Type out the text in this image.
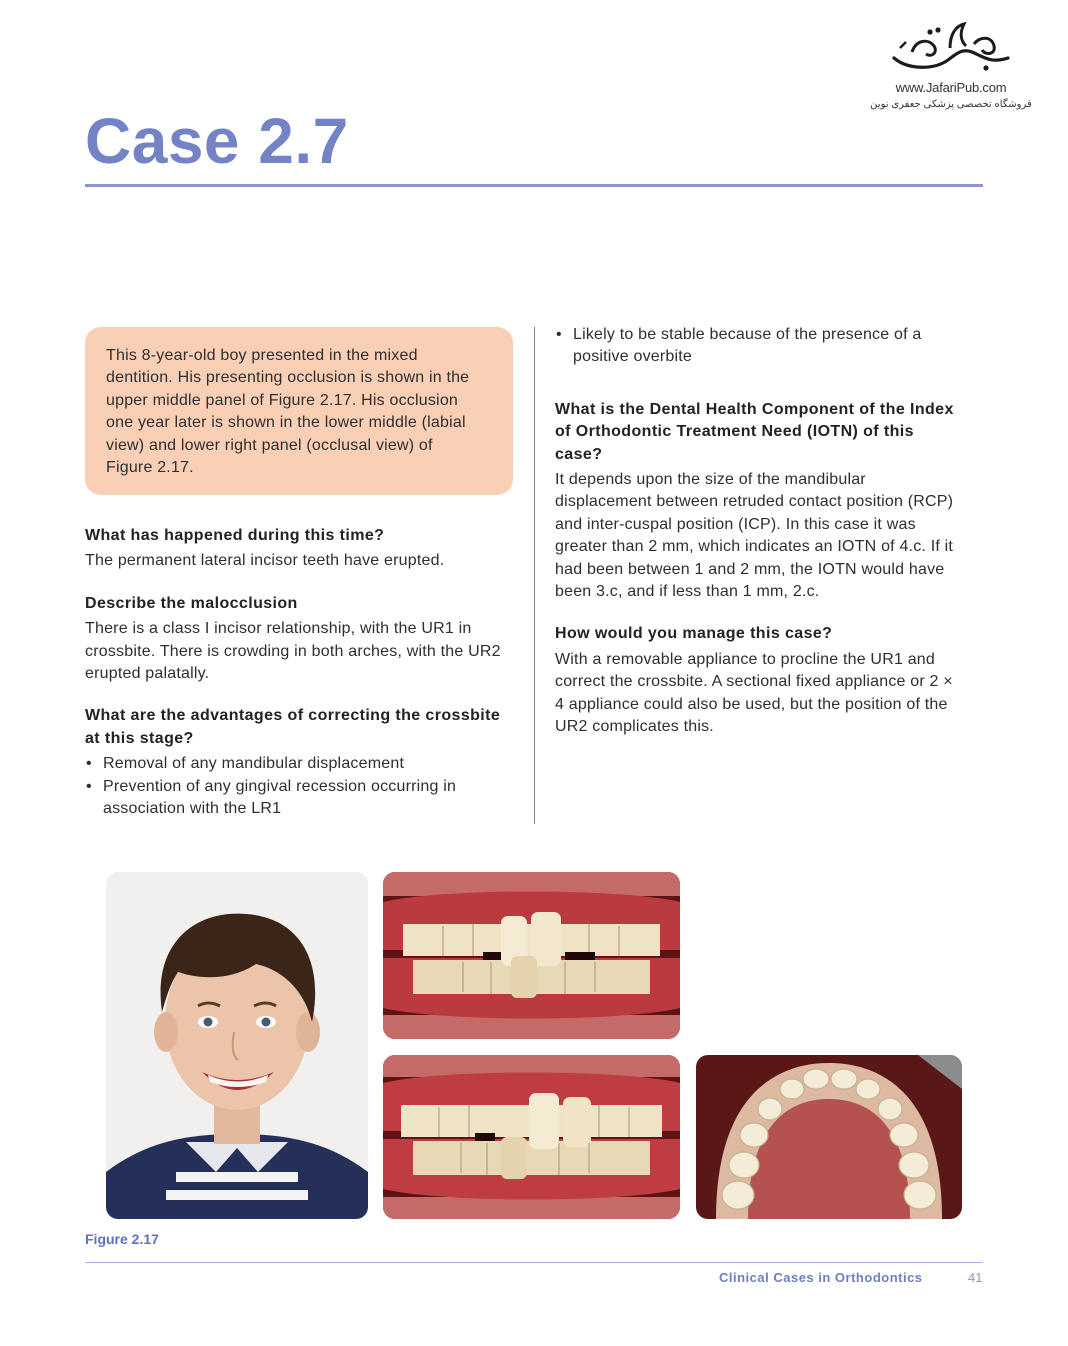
www.JafariPub.com
فروشگاه تخصصی پزشکی جعفری نوین
Case 2.7
This 8-year-old boy presented in the mixed dentition. His presenting occlusion is shown in the upper middle panel of Figure 2.17. His occlusion one year later is shown in the lower middle (labial view) and lower right panel (occlusal view) of Figure 2.17.
What has happened during this time?

The permanent lateral incisor teeth have erupted.

Describe the malocclusion

There is a class I incisor relationship, with the UR1 in crossbite. There is crowding in both arches, with the UR2 erupted palatally.

What are the advantages of correcting the crossbite at this stage?
• Removal of any mandibular displacement
• Prevention of any gingival recession occurring in association with the LR1
• Likely to be stable because of the presence of a positive overbite
What is the Dental Health Component of the Index of Orthodontic Treatment Need (IOTN) of this case?

It depends upon the size of the mandibular displacement between retruded contact position (RCP) and inter-cuspal position (ICP). In this case it was greater than 2 mm, which indicates an IOTN of 4.c. If it had been between 1 and 2 mm, the IOTN would have been 3.c, and if less than 1 mm, 2.c.

How would you manage this case?

With a removable appliance to procline the UR1 and correct the crossbite. A sectional fixed appliance or 2 × 4 appliance could also be used, but the position of the UR2 complicates this.

Figure 2.17
Clinical Cases in Orthodontics	41
